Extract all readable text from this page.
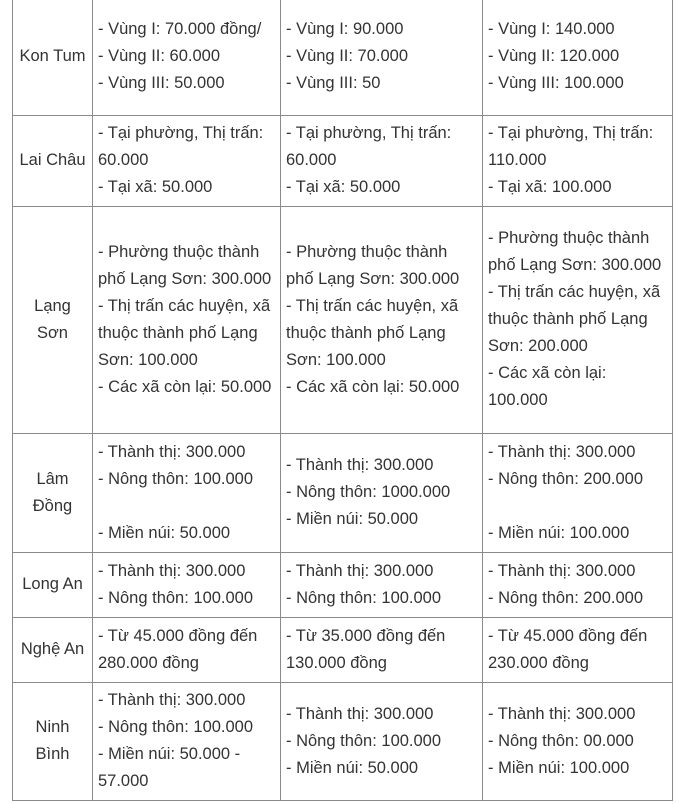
Kon Tum	- Vùng I: 70.000 đồng/
- Vùng II: 60.000
- Vùng III: 50.000	- Vùng I: 90.000
- Vùng II: 70.000
- Vùng III: 50	- Vùng I: 140.000
- Vùng II: 120.000
- Vùng III: 100.000

Lai Châu	- Tại phường, Thị trấn: 60.000
- Tại xã: 50.000	- Tại phường, Thị trấn: 60.000
- Tại xã: 50.000	- Tại phường, Thị trấn: 110.000
- Tại xã: 100.000

Lạng Sơn	- Phường thuộc thành phố Lạng Sơn: 300.000
- Thị trấn các huyện, xã thuộc thành phố Lạng Sơn: 100.000
- Các xã còn lại: 50.000	- Phường thuộc thành phố Lạng Sơn: 300.000
- Thị trấn các huyện, xã thuộc thành phố Lạng Sơn: 100.000
- Các xã còn lại: 50.000	- Phường thuộc thành phố Lạng Sơn: 300.000
- Thị trấn các huyện, xã thuộc thành phố Lạng Sơn: 200.000
- Các xã còn lại: 100.000

Lâm Đồng	- Thành thị: 300.000
- Nông thôn: 100.000
- Miền núi: 50.000	- Thành thị: 300.000
- Nông thôn: 1000.000
- Miền núi: 50.000	- Thành thị: 300.000
- Nông thôn: 200.000
- Miền núi: 100.000

Long An	- Thành thị: 300.000
- Nông thôn: 100.000	- Thành thị: 300.000
- Nông thôn: 100.000	- Thành thị: 300.000
- Nông thôn: 200.000

Nghệ An	- Từ 45.000 đồng đến 280.000 đồng	- Từ 35.000 đồng đến 130.000 đồng	- Từ 45.000 đồng đến 230.000 đồng

Ninh Bình	- Thành thị: 300.000
- Nông thôn: 100.000
- Miền núi: 50.000 - 57.000	- Thành thị: 300.000
- Nông thôn: 100.000
- Miền núi: 50.000	- Thành thị: 300.000
- Nông thôn: 00.000
- Miền núi: 100.000
